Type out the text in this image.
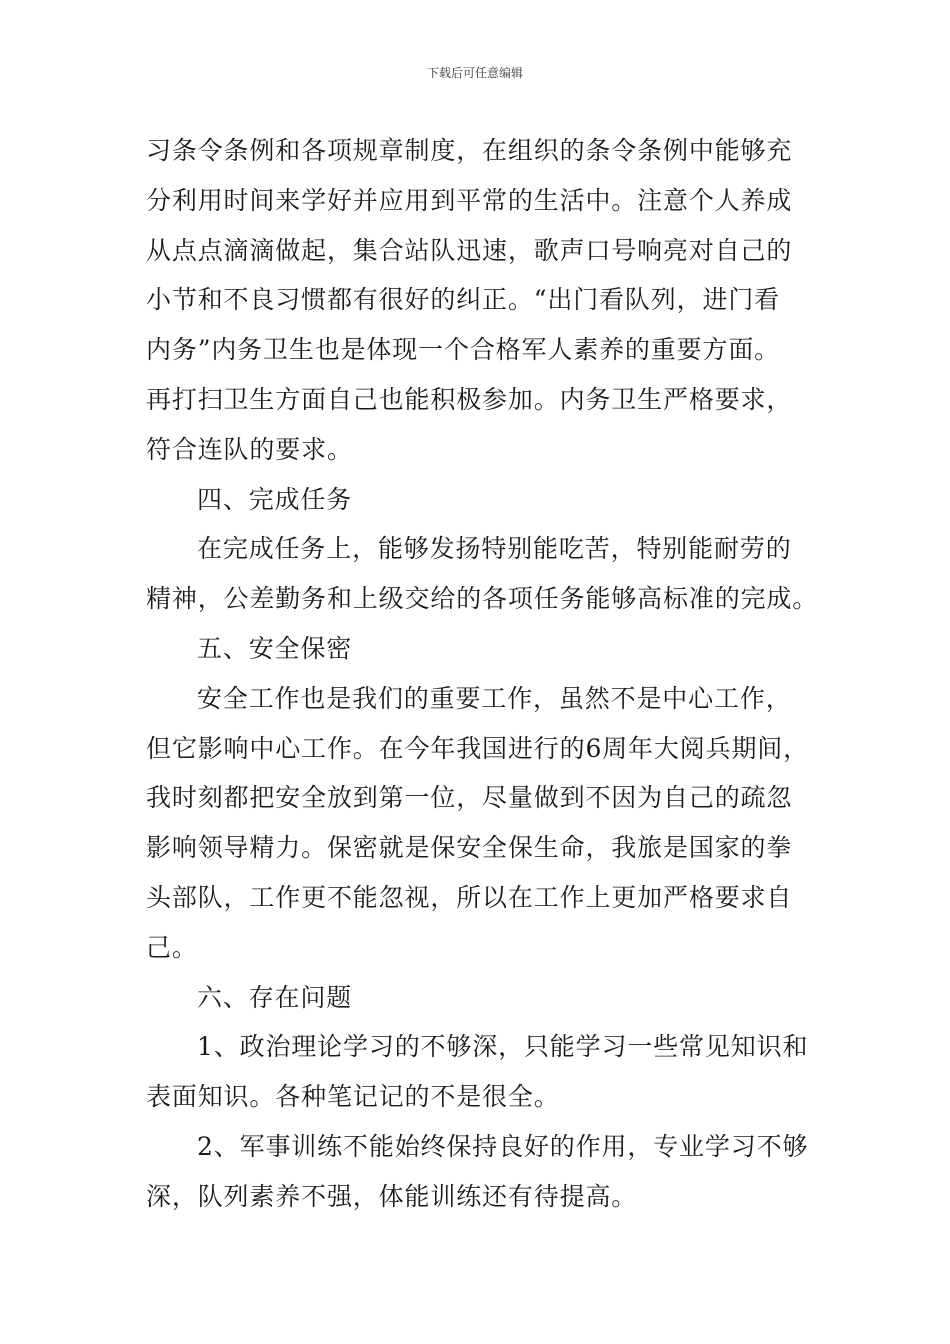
下载后可任意编辑
习条令条例和各项规章制度，在组织的条令条例中能够充
分利用时间来学好并应用到平常的生活中。注意个人养成
从点点滴滴做起，集合站队迅速，歌声口号响亮对自己的
小节和不良习惯都有很好的纠正。“出门看队列，进门看
内务”内务卫生也是体现一个合格军人素养的重要方面。
再打扫卫生方面自己也能积极参加。内务卫生严格要求，
符合连队的要求。
四、完成任务
在完成任务上，能够发扬特别能吃苦，特别能耐劳的
精神，公差勤务和上级交给的各项任务能够高标准的完成。
五、安全保密
安全工作也是我们的重要工作，虽然不是中心工作，
但它影响中心工作。在今年我国进行的6周年大阅兵期间，
我时刻都把安全放到第一位，尽量做到不因为自己的疏忽
影响领导精力。保密就是保安全保生命，我旅是国家的拳
头部队，工作更不能忽视，所以在工作上更加严格要求自
己。
六、存在问题
1、政治理论学习的不够深，只能学习一些常见知识和
表面知识。各种笔记记的不是很全。
2、军事训练不能始终保持良好的作用，专业学习不够
深，队列素养不强，体能训练还有待提高。
